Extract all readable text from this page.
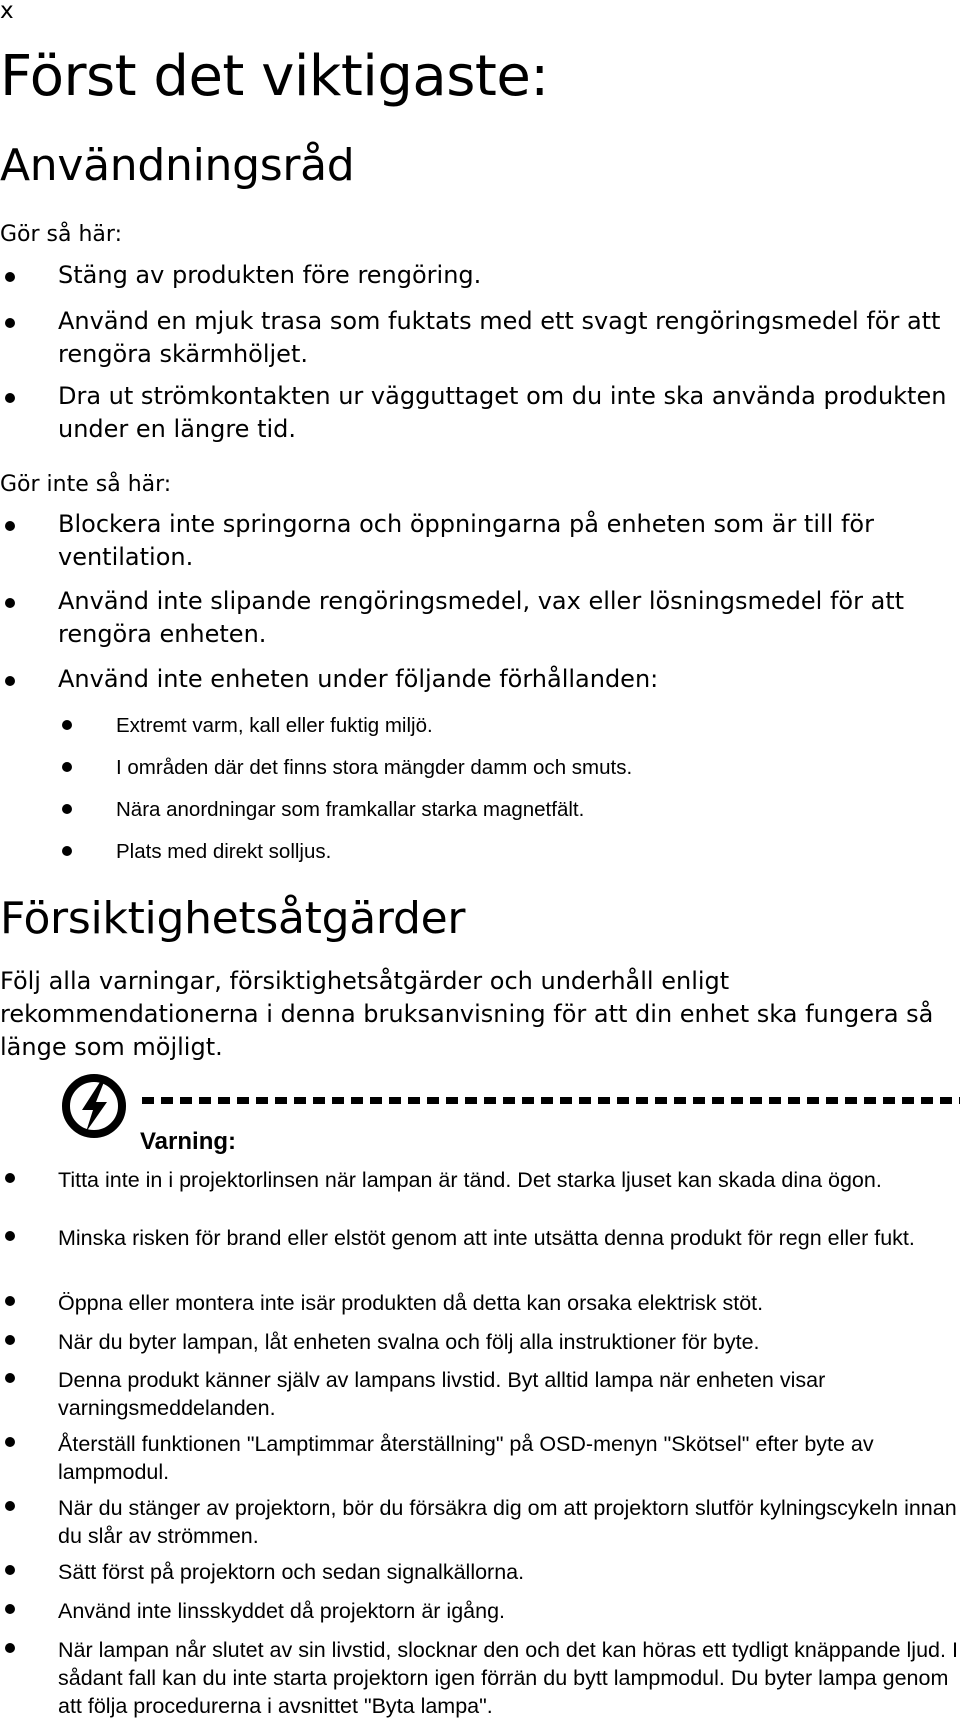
x
Först det viktigaste:
Användningsråd
Gör så här:
Stäng av produkten före rengöring.
Använd en mjuk trasa som fuktats med ett svagt rengöringsmedel för att rengöra skärmhöljet.
Dra ut strömkontakten ur vägguttaget om du inte ska använda produkten under en längre tid.
Gör inte så här:
Blockera inte springorna och öppningarna på enheten som är till för ventilation.
Använd inte slipande rengöringsmedel, vax eller lösningsmedel för att rengöra enheten.
Använd inte enheten under följande förhållanden:
Extremt varm, kall eller fuktig miljö.
I områden där det finns stora mängder damm och smuts.
Nära anordningar som framkallar starka magnetfält.
Plats med direkt solljus.
Försiktighetsåtgärder
Följ alla varningar, försiktighetsåtgärder och underhåll enligt rekommendationerna i denna bruksanvisning för att din enhet ska fungera så länge som möjligt.
Varning:
Titta inte in i projektorlinsen när lampan är tänd. Det starka ljuset kan skada dina ögon.
Minska risken för brand eller elstöt genom att inte utsätta denna produkt för regn eller fukt.
Öppna eller montera inte isär produkten då detta kan orsaka elektrisk stöt.
När du byter lampan, låt enheten svalna och följ alla instruktioner för byte.
Denna produkt känner själv av lampans livstid. Byt alltid lampa när enheten visar varningsmeddelanden.
Återställ funktionen "Lamptimmar återställning" på OSD-menyn "Skötsel" efter byte av lampmodul.
När du stänger av projektorn, bör du försäkra dig om att projektorn slutför kylningscykeln innan du slår av strömmen.
Sätt först på projektorn och sedan signalkällorna.
Använd inte linsskyddet då projektorn är igång.
När lampan når slutet av sin livstid, slocknar den och det kan höras ett tydligt knäppande ljud. I sådant fall kan du inte starta projektorn igen förrän du bytt lampmodul. Du byter lampa genom att följa procedurerna i avsnittet "Byta lampa".
